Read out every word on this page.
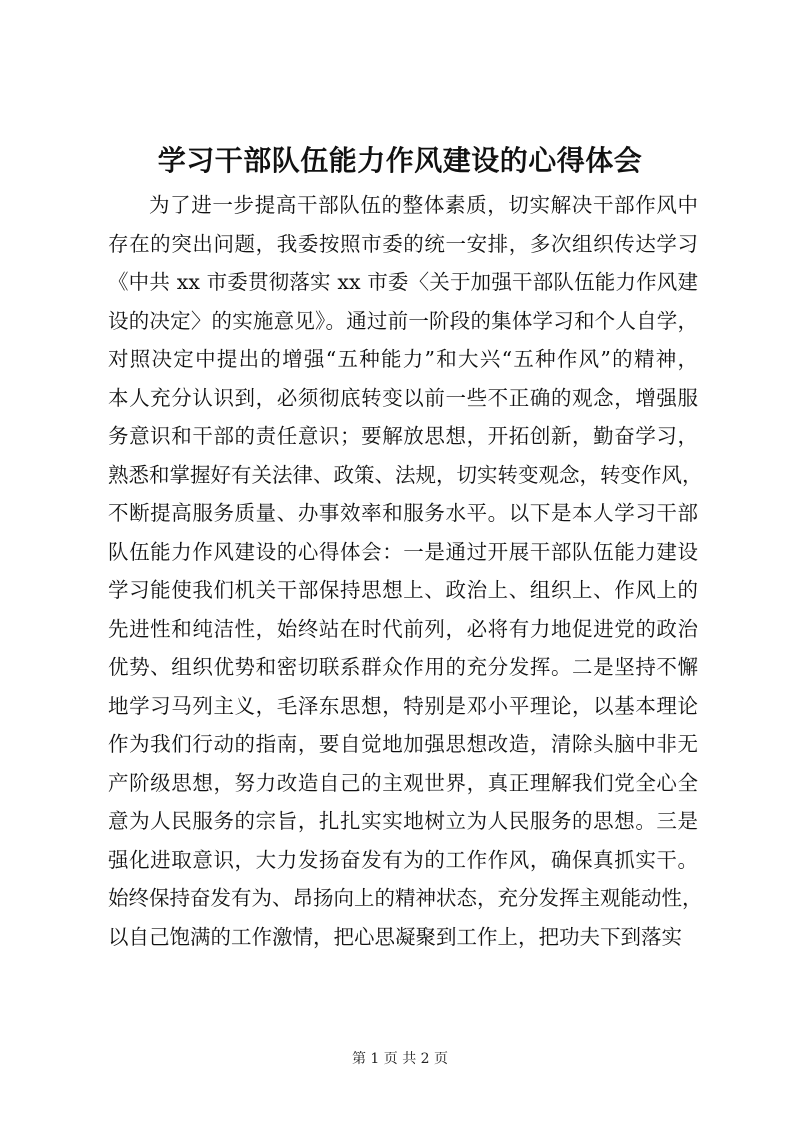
学习干部队伍能力作风建设的心得体会
为了进一步提高干部队伍的整体素质，切实解决干部作风中
存在的突出问题，我委按照市委的统一安排，多次组织传达学习
《中共 xx 市委贯彻落实 xx 市委〈关于加强干部队伍能力作风建
设的决定〉的实施意见》。通过前一阶段的集体学习和个人自学，
对照决定中提出的增强“五种能力”和大兴“五种作风”的精神，
本人充分认识到，必须彻底转变以前一些不正确的观念，增强服
务意识和干部的责任意识；要解放思想，开拓创新，勤奋学习，
熟悉和掌握好有关法律、政策、法规，切实转变观念，转变作风，
不断提高服务质量、办事效率和服务水平。以下是本人学习干部
队伍能力作风建设的心得体会：一是通过开展干部队伍能力建设
学习能使我们机关干部保持思想上、政治上、组织上、作风上的
先进性和纯洁性，始终站在时代前列，必将有力地促进党的政治
优势、组织优势和密切联系群众作用的充分发挥。二是坚持不懈
地学习马列主义，毛泽东思想，特别是邓小平理论，以基本理论
作为我们行动的指南，要自觉地加强思想改造，清除头脑中非无
产阶级思想，努力改造自己的主观世界，真正理解我们党全心全
意为人民服务的宗旨，扎扎实实地树立为人民服务的思想。三是
强化进取意识，大力发扬奋发有为的工作作风，确保真抓实干。
始终保持奋发有为、昂扬向上的精神状态，充分发挥主观能动性，
以自己饱满的工作激情，把心思凝聚到工作上，把功夫下到落实
第 1 页 共 2 页
